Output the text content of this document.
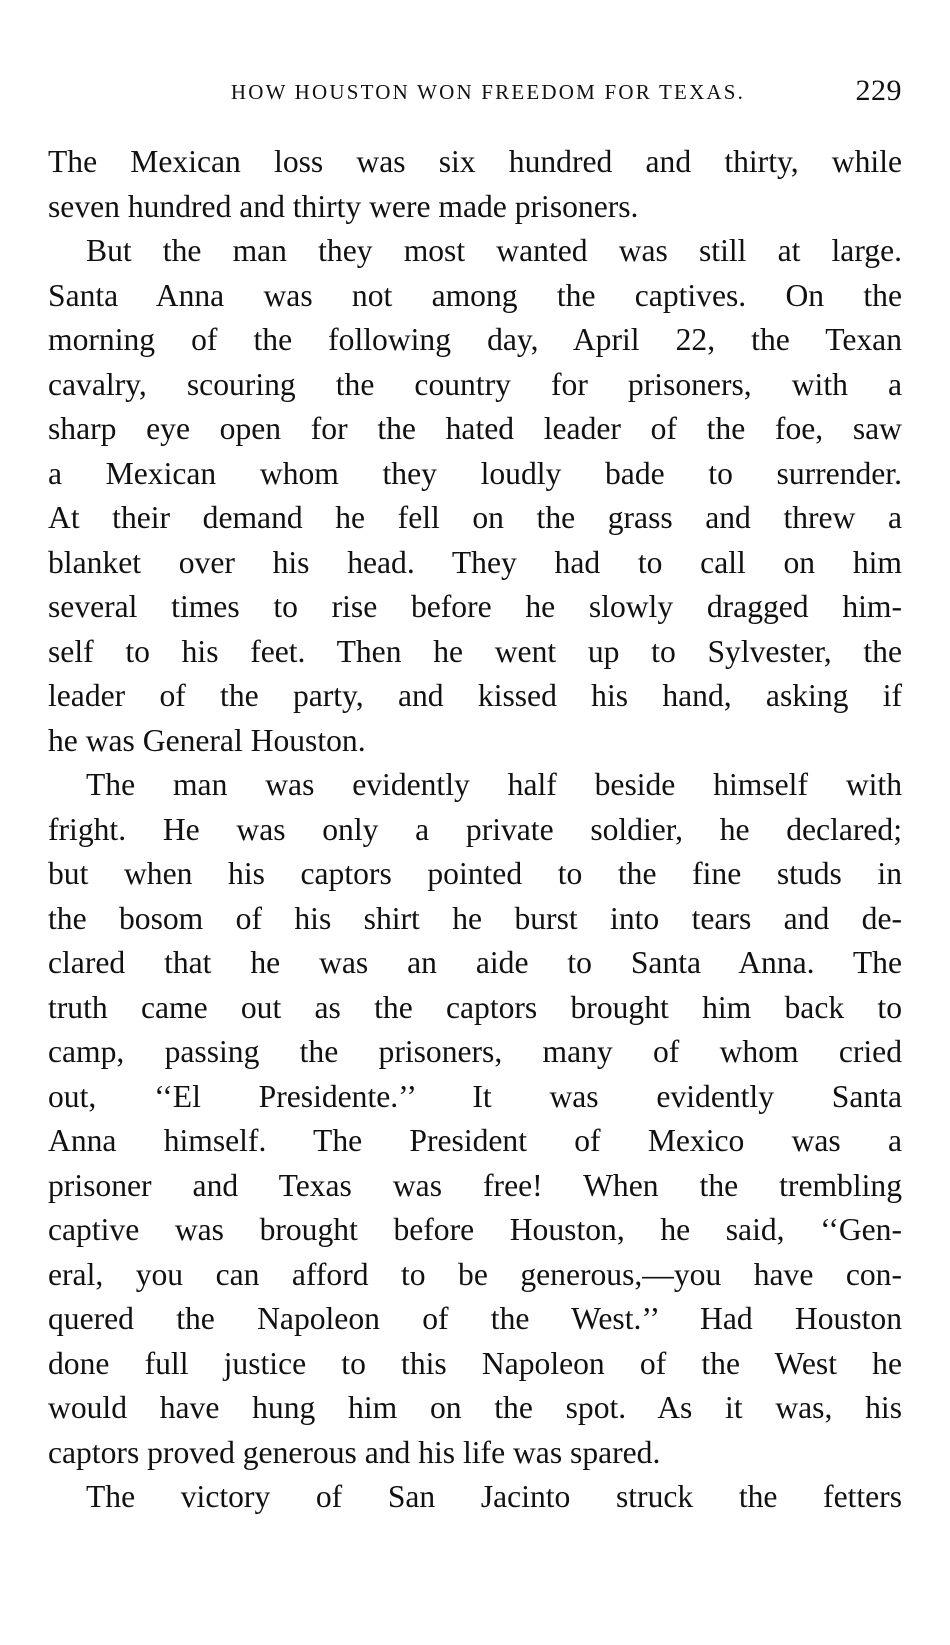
HOW HOUSTON WON FREEDOM FOR TEXAS.	229
The Mexican loss was six hundred and thirty, while
seven hundred and thirty were made prisoners.
But the man they most wanted was still at large.
Santa Anna was not among the captives. On the
morning of the following day, April 22, the Texan
cavalry, scouring the country for prisoners, with a
sharp eye open for the hated leader of the foe, saw
a Mexican whom they loudly bade to surrender.
At their demand he fell on the grass and threw a
blanket over his head. They had to call on him
several times to rise before he slowly dragged him-
self to his feet. Then he went up to Sylvester, the
leader of the party, and kissed his hand, asking if
he was General Houston.
The man was evidently half beside himself with
fright. He was only a private soldier, he declared;
but when his captors pointed to the fine studs in
the bosom of his shirt he burst into tears and de-
clared that he was an aide to Santa Anna. The
truth came out as the captors brought him back to
camp, passing the prisoners, many of whom cried
out, ‘‘El Presidente.’’ It was evidently Santa
Anna himself. The President of Mexico was a
prisoner and Texas was free! When the trembling
captive was brought before Houston, he said, ‘‘Gen-
eral, you can afford to be generous,—you have con-
quered the Napoleon of the West.’’ Had Houston
done full justice to this Napoleon of the West he
would have hung him on the spot. As it was, his
captors proved generous and his life was spared.
The victory of San Jacinto struck the fetters
